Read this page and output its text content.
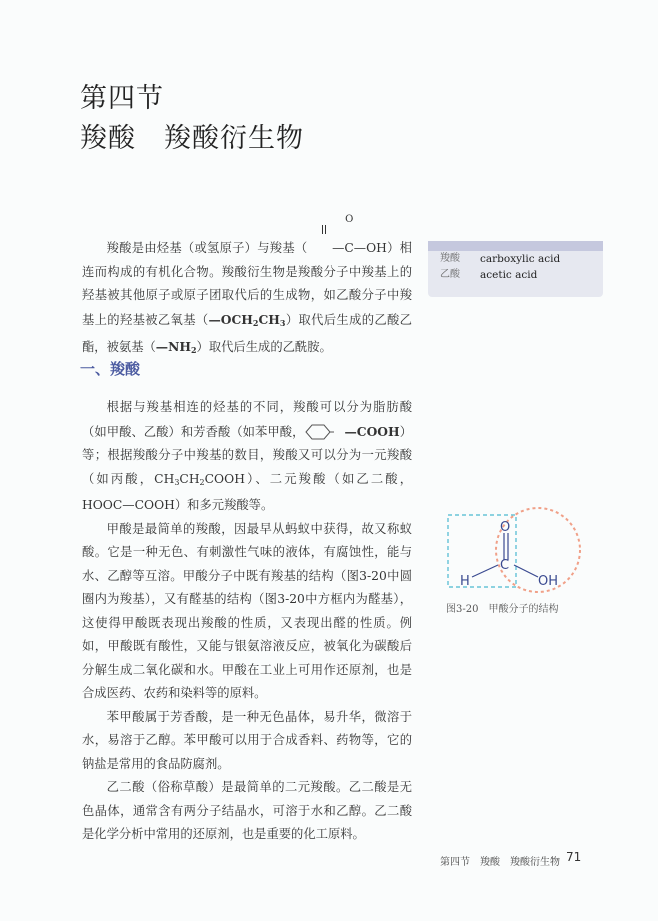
第四节
羧酸　羧酸衍生物

羧酸是由烃基（或氢原子）与羧基（
O
—C—OH）相连而构成的有机化合物。羧酸衍生物是羧酸分子中羧基上的羟基被其他原子或原子团取代后的生成物，如乙酸分子中羧基上的羟基被乙氧基$(—OCH_2CH_3)$取代后生成的乙酸乙酯，被氨基$(—NH_2)$取代后生成的乙酰胺。

羧酸	carboxylic acid
乙酸	acetic acid
一、羧酸

根据与羧基相连的烃基的不同，羧酸可以分为脂肪酸（如甲酸、乙酸）和芳香酸（如苯甲酸，	—COOH）等；根据羧酸分子中羧基的数目，羧酸又可以分为一元羧酸（如丙酸，$CH_3CH_2COOH$）、二元羧酸（如乙二酸，HOOC—COOH）和多元羧酸等。

甲酸是最简单的羧酸，因最早从蚂蚁中获得，故又称蚁酸。它是一种无色、有刺激性气味的液体，有腐蚀性，能与水、乙醇等互溶。甲酸分子中既有羧基的结构（图3-20中圆圈内为羧基），又有醛基的结构（图3-20中方框内为醛基），这使得甲酸既表现出羧酸的性质，又表现出醛的性质。例如，甲酸既有酸性，又能与银氨溶液反应，被氧化为碳酸后分解生成二氧化碳和水。甲酸在工业上可用作还原剂，也是合成医药、农药和染料等的原料。

苯甲酸属于芳香酸，是一种无色晶体，易升华，微溶于水，易溶于乙醇。苯甲酸可以用于合成香料、药物等，它的钠盐是常用的食品防腐剂。

乙二酸（俗称草酸）是最简单的二元羧酸。乙二酸是无色晶体，通常含有两分子结晶水，可溶于水和乙醇。乙二酸是化学分析中常用的还原剂，也是重要的化工原料。

O
C
H	OH
图3-20　甲酸分子的结构
第四节　羧酸　羧酸衍生物 71
